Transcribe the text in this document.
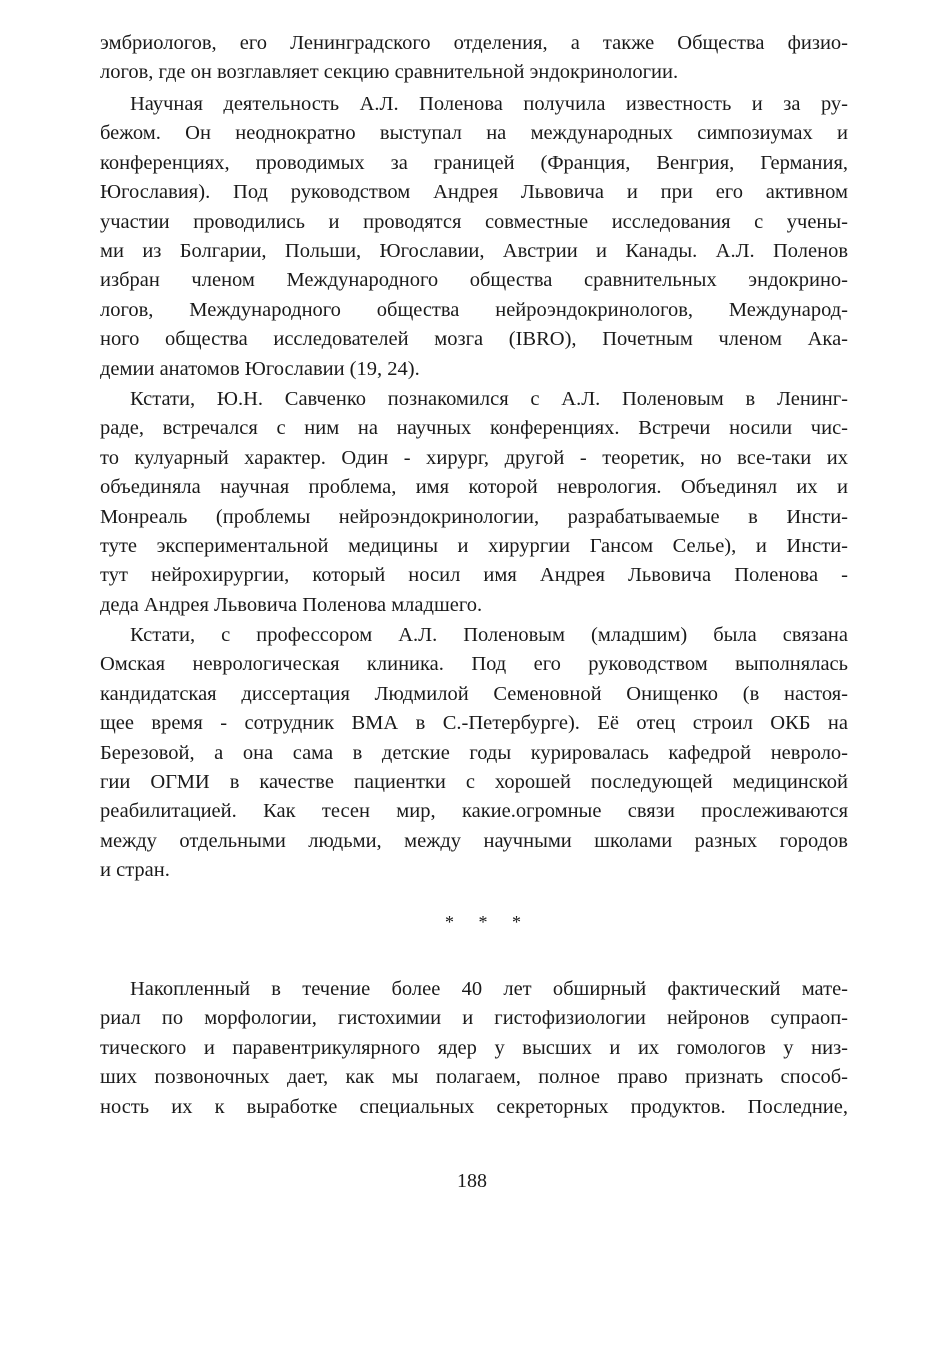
эмбриологов, его Ленинградского отделения, а также Общества физио-
логов, где он возглавляет секцию сравнительной эндокринологии.
Научная деятельность А.Л. Поленова получила известность и за ру-
бежом. Он неоднократно выступал на международных симпозиумах и
конференциях, проводимых за границей (Франция, Венгрия, Германия,
Югославия). Под руководством Андрея Львовича и при его активном
участии проводились и проводятся совместные исследования с учены-
ми из Болгарии, Польши, Югославии, Австрии и Канады. А.Л. Поленов
избран членом Международного общества сравнительных эндокрино-
логов, Международного общества нейроэндокринологов, Международ-
ного общества исследователей мозга (IBRO), Почетным членом Ака-
демии анатомов Югославии (19, 24).
Кстати, Ю.Н. Савченко познакомился с А.Л. Поленовым в Ленинг-
раде, встречался с ним на научных конференциях. Встречи носили чис-
то кулуарный характер. Один - хирург, другой - теоретик, но все-таки их
объединяла научная проблема, имя которой неврология. Объединял их и
Монреаль (проблемы нейроэндокринологии, разрабатываемые в Инсти-
туте экспериментальной медицины и хирургии Гансом Селье), и Инсти-
тут нейрохирургии, который носил имя Андрея Львовича Поленова -
деда Андрея Львовича Поленова младшего.
Кстати, с профессором А.Л. Поленовым (младшим) была связана
Омская неврологическая клиника. Под его руководством выполнялась
кандидатская диссертация Людмилой Семеновной Онищенко (в настоя-
щее время - сотрудник ВМА в С.-Петербурге). Её отец строил ОКБ на
Березовой, а она сама в детские годы курировалась кафедрой невроло-
гии ОГМИ в качестве пациентки с хорошей последующей медицинской
реабилитацией. Как тесен мир, какие.огромные связи прослеживаются
между отдельными людьми, между научными школами разных городов
и стран.
* * *
Накопленный в течение более 40 лет обширный фактический мате-
риал по морфологии, гистохимии и гистофизиологии нейронов супраоп-
тического и паравентрикулярного ядер у высших и их гомологов у низ-
ших позвоночных дает, как мы полагаем, полное право признать способ-
ность их к выработке специальных секреторных продуктов. Последние,
188
